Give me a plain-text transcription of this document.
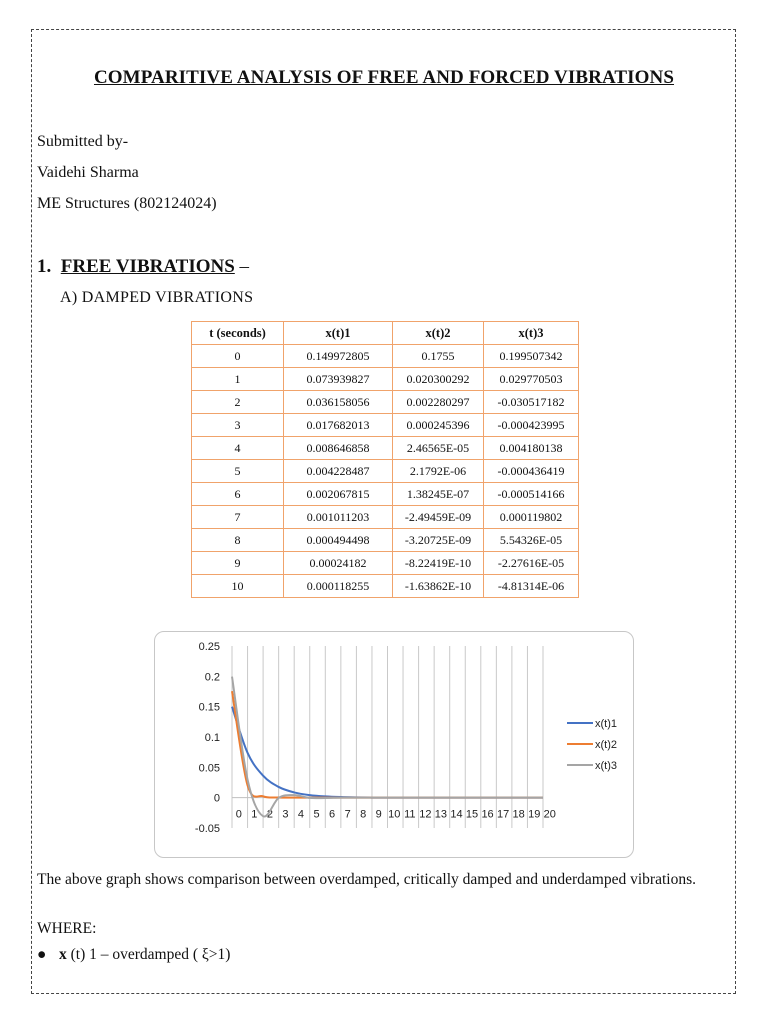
COMPARITIVE ANALYSIS OF FREE AND FORCED VIBRATIONS
Submitted by-
Vaidehi Sharma
ME Structures (802124024)
1. FREE VIBRATIONS –
A) DAMPED VIBRATIONS
t (seconds)	x(t)1	x(t)2	x(t)3
0	0.149972805	0.1755	0.199507342
1	0.073939827	0.020300292	0.029770503
2	0.036158056	0.002280297	-0.030517182
3	0.017682013	0.000245396	-0.000423995
4	0.008646858	2.46565E-05	0.004180138
5	0.004228487	2.1792E-06	-0.000436419
6	0.002067815	1.38245E-07	-0.000514166
7	0.001011203	-2.49459E-09	0.000119802
8	0.000494498	-3.20725E-09	5.54326E-05
9	0.00024182	-8.22419E-10	-2.27616E-05
10	0.000118255	-1.63862E-10	-4.81314E-06
0.25
0.2
0.15
0.1
0.05
0
-0.05
0 1 2 3 4 5 6 7 8 9 10 11 12 13 14 15 16 17 18 19 20
x(t)1
x(t)2
x(t)3
The above graph shows comparison between overdamped, critically damped and underdamped vibrations.
WHERE:
● x (t) 1 – overdamped ( ξ>1)
